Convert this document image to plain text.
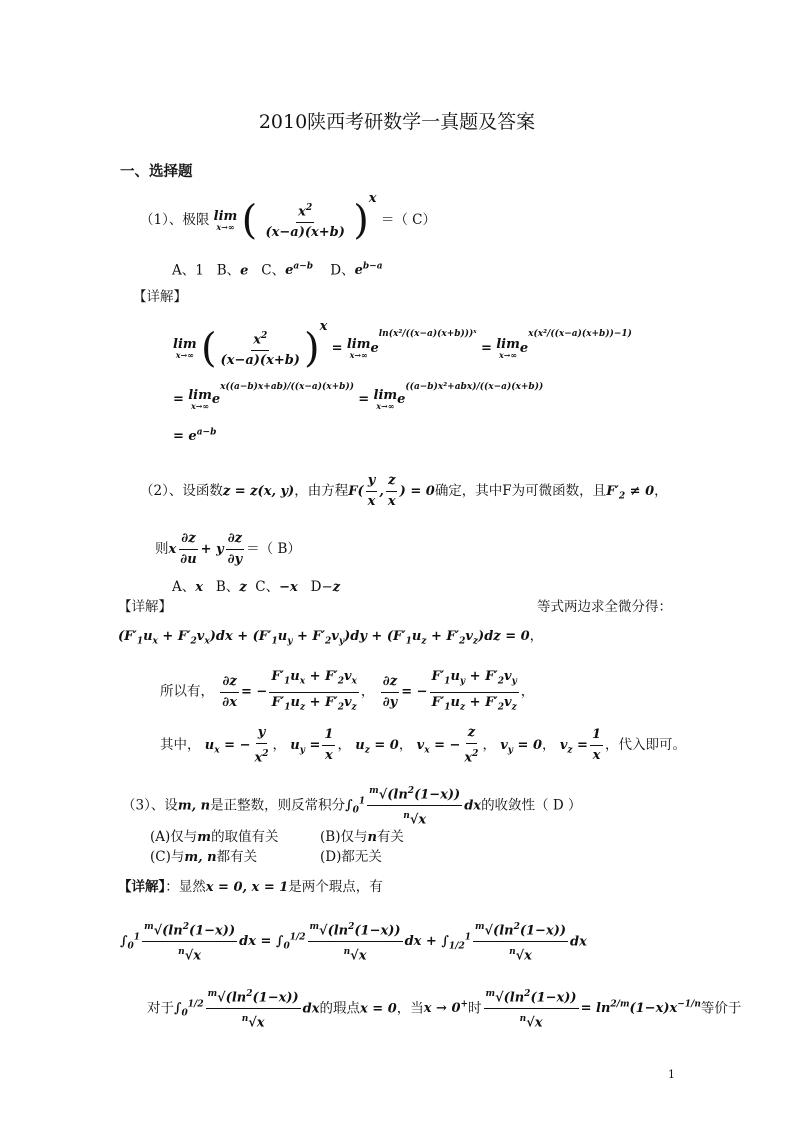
2010陕西考研数学一真题及答案
一、选择题
（1）、极限 lim
x→∞ ( $\frac{x^2}{(x-a)(x+b)} )^x$ ＝（ C）
A、1   B、e   C、$e^{a-b}$    D、$e^{b-a}$
【详解】
lim
x→∞ ( $\frac{x^2}{(x-a)(x+b)} )^x = \lim$
x→∞ $e^{ln(x^2/((x-a)(x+b)))ˣ} = \lim$
x→∞ $e^{x(x^2/((x-a)(x+b))-1)}$
= lim
x→∞ $e^{x((a-b)x+ab)/((x-a)(x+b))} = \lim$
x→∞ $e^{((a-b)x^2+abx)/((x-a)(x+b))}$
= $e^{a-b}$
（2）、设函数z = z(x, y)，由方程$F( \frac{y}{x}$ , $\frac{z}{x}$ ) = 0确定，其中F为可微函数，且$F'_2 \ne 0$，
则x $\frac{\partial z}{\partial u} + y \frac{\partial z}{\partial y}$ ＝（ B）
A、x   B、z  C、−x   D−z
【详解】	等式两边求全微分得：
$(F'_1u_x + F'_2v_x)dx + (F'_1u_y + F'_2v_y)dy + (F'_1u_z + F'_2v_z)dz = 0$，
所以有， $\frac{\partial z}{\partial x}$ = − $\frac{F'_1u_x + F'_2v_x}{F'_1u_z + F'_2v_z}$ ， $\frac{\partial z}{\partial y}$ = − $\frac{F'_1u_y + F'_2v_y}{F'_1u_z + F'_2v_z}$ ，
其中， $u_x$ = − $\frac{y}{x^2}$ ， $u_y = \frac{1}{x}$ ， $u_z = 0$， $v_x$ = − $\frac{z}{x^2}$ ， $v_y = 0$， $v_z = \frac{1}{x}$ ，代入即可。
（3）、设m, n是正整数，则反常积分$\int_0^1 \frac{^m√(\ln^2(1-x))}{^n√x}$ dx的收敛性（ D ）
(A)仅与m的取值有关	(B)仅与n有关
(C)与m, n都有关	(D)都无关
【详解】：显然x = 0, x = 1是两个瑕点，有
$\int_0^1 \frac{^m√(\ln^2(1-x))}{^n√x}$ dx = $\int_0^{1/2} \frac{^m√(\ln^2(1-x))}{^n√x}$ dx + $\int_{1/2}^1 \frac{^m√(\ln^2(1-x))}{^n√x}$ dx
对于$\int_0^{1/2} \frac{^m√(\ln^2(1-x))}{^n√x}$ dx的瑕点x = 0，当x → 0+时 $\frac{^m√(\ln^2(1-x))}{^n√x} = \ln^{2/m}(1-x)x^{-1/n}$等价于
1
